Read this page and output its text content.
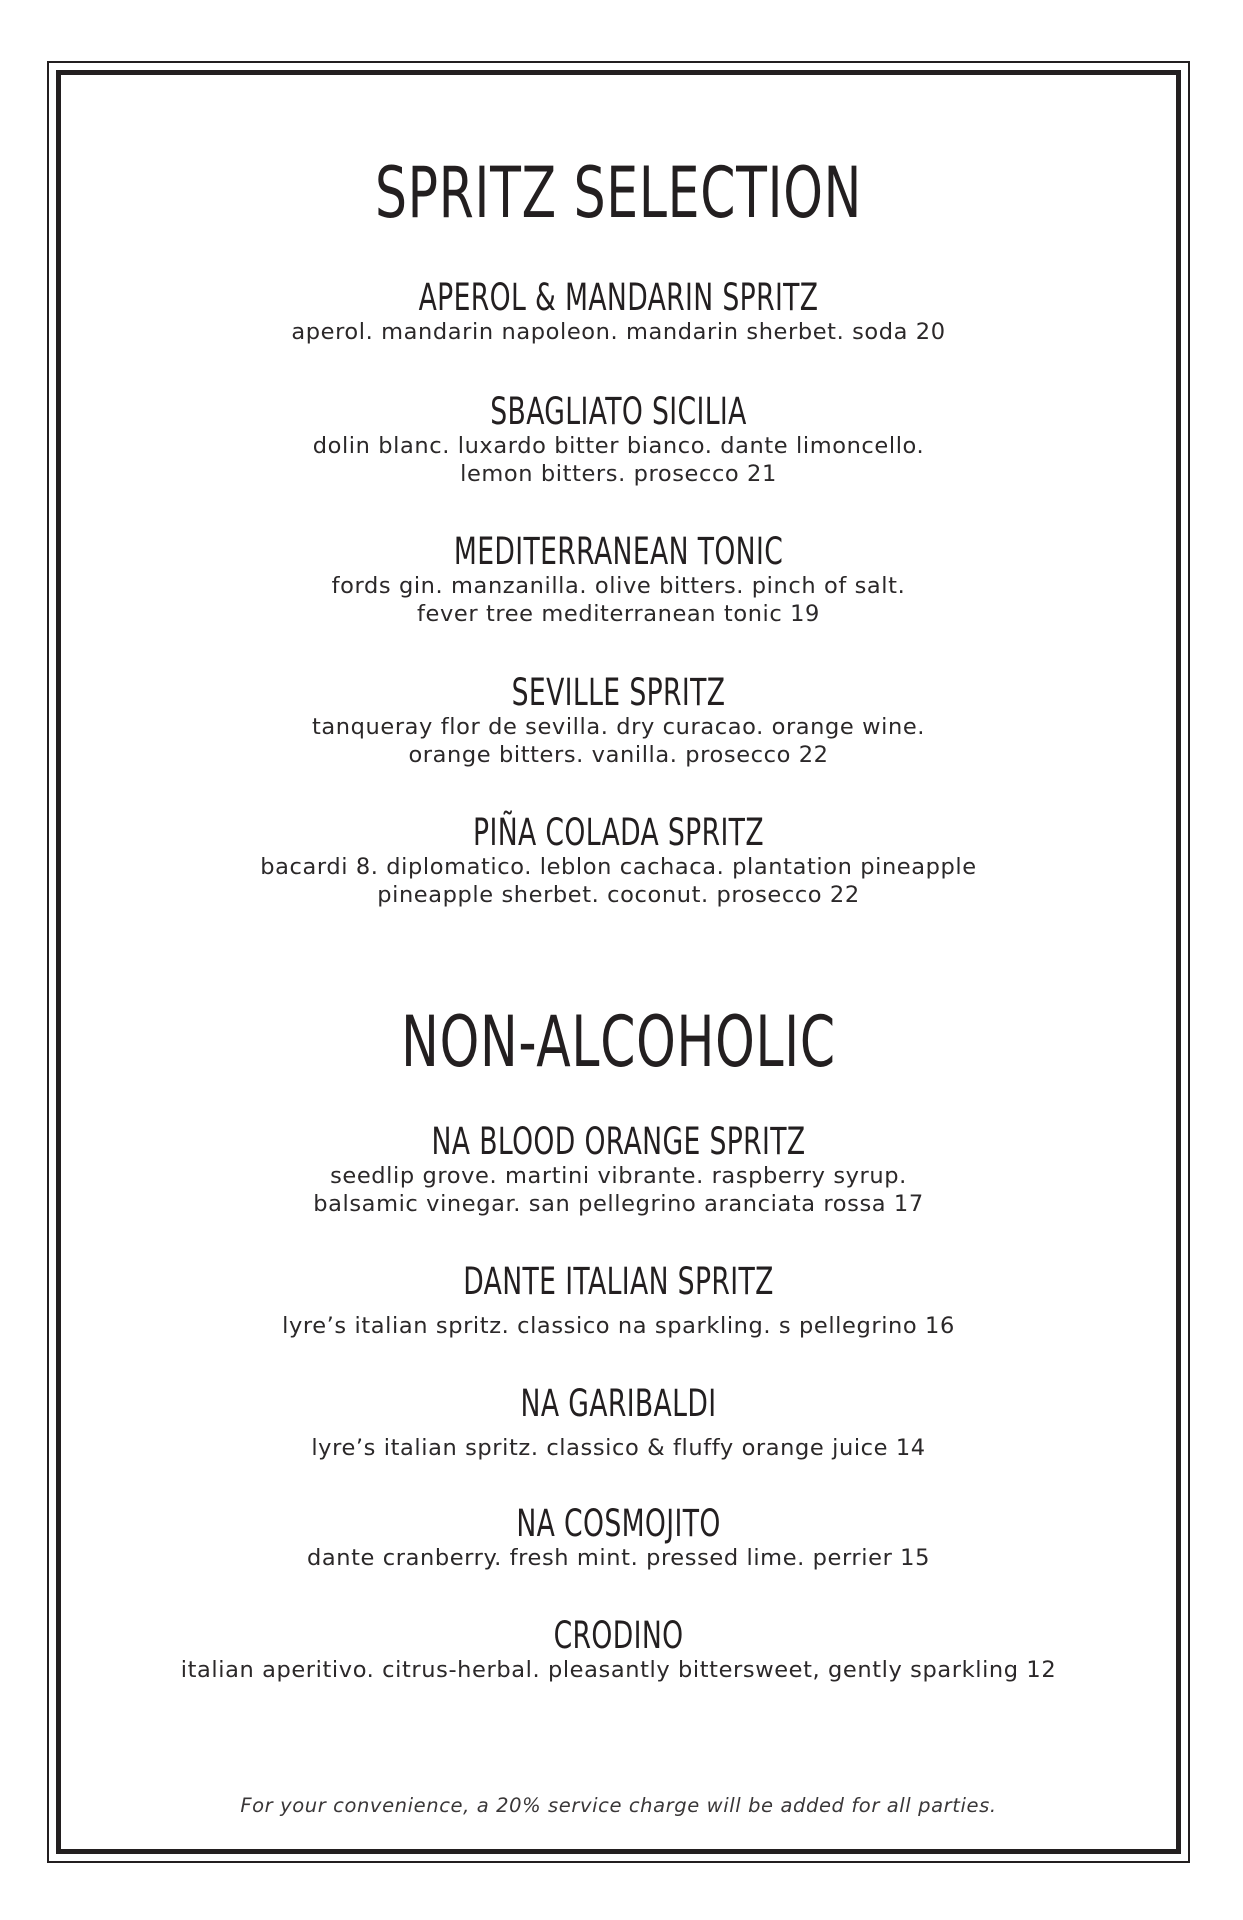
SPRITZ SELECTION
APEROL & MANDARIN SPRITZ
aperol. mandarin napoleon. mandarin sherbet. soda 20
SBAGLIATO SICILIA
dolin blanc. luxardo bitter bianco. dante limoncello.
lemon bitters. prosecco 21
MEDITERRANEAN TONIC
fords gin. manzanilla. olive bitters. pinch of salt.
fever tree mediterranean tonic 19
SEVILLE SPRITZ
tanqueray flor de sevilla. dry curacao. orange wine.
orange bitters. vanilla. prosecco 22
PIÑA COLADA SPRITZ
bacardi 8. diplomatico. leblon cachaca. plantation pineapple
pineapple sherbet. coconut. prosecco 22
NON-ALCOHOLIC
NA BLOOD ORANGE SPRITZ
seedlip grove. martini vibrante. raspberry syrup.
balsamic vinegar. san pellegrino aranciata rossa 17
DANTE ITALIAN SPRITZ
lyre’s italian spritz. classico na sparkling. s pellegrino 16
NA GARIBALDI
lyre’s italian spritz. classico & fluffy orange juice 14
NA COSMOJITO
dante cranberry. fresh mint. pressed lime. perrier 15
CRODINO
italian aperitivo. citrus-herbal. pleasantly bittersweet, gently sparkling 12
For your convenience, a 20% service charge will be added for all parties.
